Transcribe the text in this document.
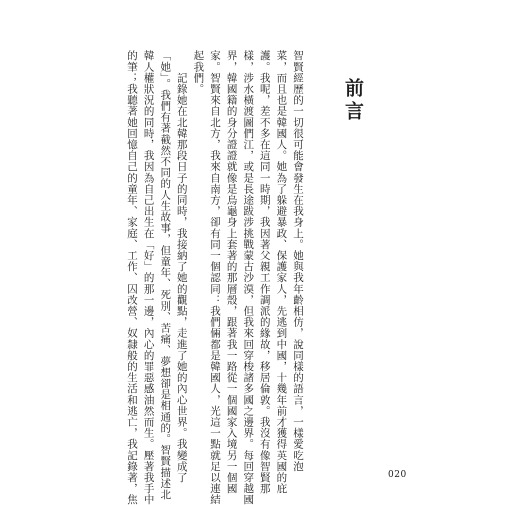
前言
智賢經歷的一切很可能會發生在我身上。她與我年齡相仿，說同樣的語言，一樣愛吃泡
菜，而且也是韓國人。她為了躲避暴政、保護家人，先逃到中國，十幾年前才獲得英國的庇
護。我呢，差不多在這同一時期，我因著父親工作調派的緣故，移居倫敦。我沒有像智賢那
樣，涉水橫渡圖們江，或是長途跋涉挑戰蒙古沙漠，但我來回穿梭諸多國之邊界。每回穿越國
界，韓國籍的身分證證就像是烏龜身上套著的那層殼，跟著我一路從一個國家入境另一個國
家。智賢來自北方，我來自南方，卻有同一個認同：我們倆都是韓國人，光這一點就足以連結
起我們。
　　記錄她在北韓那段日子的同時，我接納了她的觀點，走進了她的內心世界。我變成了
「她」。我們有著截然不同的人生故事，但童年、死別、苦痛、夢想卻是相通的。智賢描述北
韓人權狀況的同時，我因為自己出生在「好」的那一邊，內心的罪惡感油然而生。壓著我手中
的筆；我聽著她回憶自己的童年、家庭、工作、囚改營、奴隸般的生活和逃亡，我記錄著，焦	020
